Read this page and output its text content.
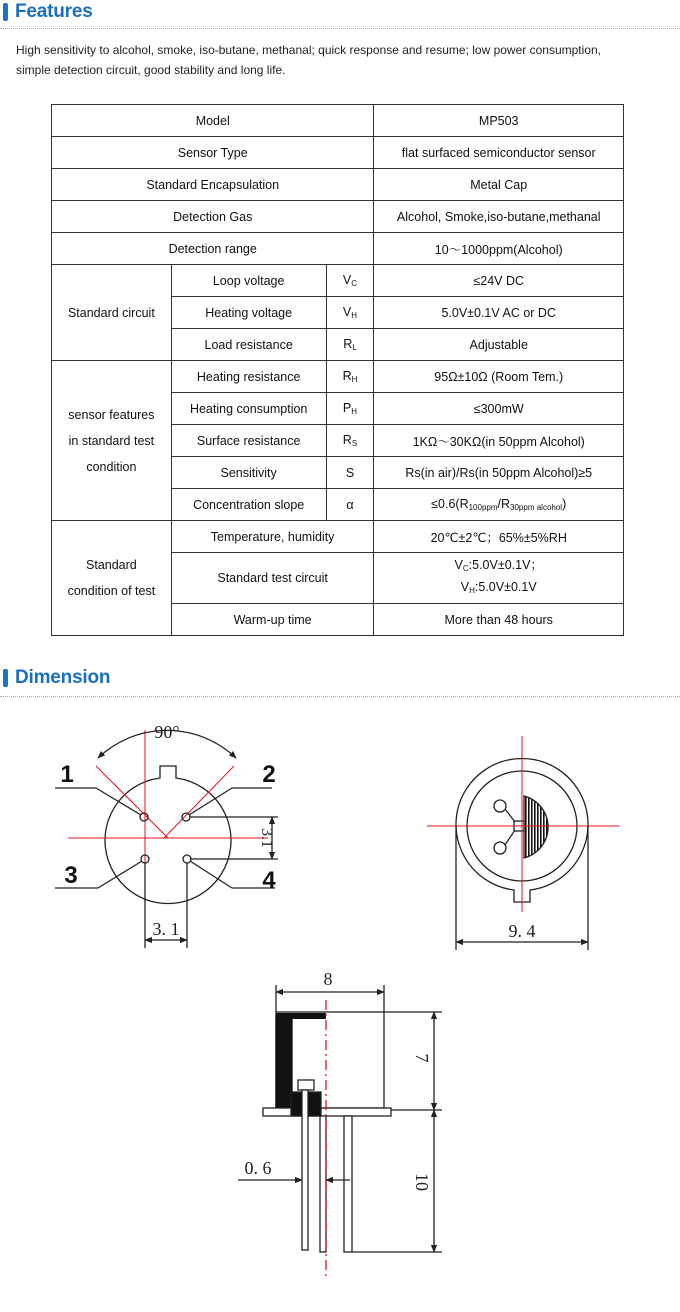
Features

High sensitivity to alcohol, smoke, iso-butane, methanal; quick response and resume; low power consumption,
simple detection circuit, good stability and long life.

Model			MP503
Sensor Type			flat surfaced semiconductor sensor
Standard Encapsulation			Metal Cap
Detection Gas			Alcohol, Smoke,iso-butane,methanal
Detection range			10～1000ppm(Alcohol)
Standard circuit	Loop voltage	$V_C$	≤24V DC
	Heating voltage	$V_H$	5.0V±0.1V AC or DC
	Load resistance	$R_L$	Adjustable
sensor features
in standard test
condition	Heating resistance	$R_H$	95Ω±10Ω (Room Tem.)
	Heating consumption	$P_H$	≤300mW
	Surface resistance	$R_S$	1KΩ～30KΩ(in 50ppm Alcohol)
	Sensitivity	S	Rs(in air)/Rs(in 50ppm Alcohol)≥5
	Concentration slope	α	$\le 0.6(R_{100ppm}/R_{30ppm alcohol})$
Standard
condition of test	Temperature, humidity		20℃±2℃；65%±5%RH
	Standard test circuit		$V_C:5.0V\pm 0.1V$；
$V_H:5.0V\pm 0.1V$
	Warm-up time		More than 48 hours
Dimension
90°
1	2
3	4
3.1
3. 1	9. 4
8
7
10
0. 6
